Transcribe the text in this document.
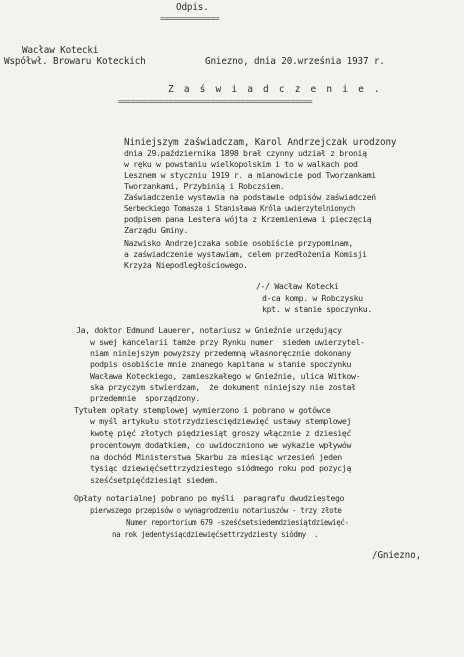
Odpis.
==============
Wacław Kotecki
Współwł. Browaru Koteckich	Gniezno, dnia 20.września 1937 r.
Z a ś w i a d c z e n i e .
==============================================
Niniejszym zaświadczam, Karol Andrzejczak urodzony
dnia 29.października 1898 brał czynny udział z bronią
w ręku w powstaniu wielkopolskim i to w walkach pod
Lesznem w styczniu 1919 r. a mianowicie pod Tworzankami
Tworzankami, Przybinią i Robczsiem.
Zaświadczenie wystawia na podstawie odpisów zaświadczeń
Serbeckiego Tomasza i Stanisława Króla uwierzytelnionych
podpisem pana Lestera wójta z Krzemieniewa i pieczęcią
Zarządu Gminy.
Nazwisko Andrzejczaka sobie osobiście przypominam,
a zaświadczenie wystawiam, celem przedłożenia Komisji
Krzyża Niepodległościowego.
/-/ Wacław Kotecki
d-ca komp. w Robczysku
kpt. w stanie spoczynku.
Ja, doktor Edmund Lauerer, notariusz w Gnieźnie urzędujący
w swej kancelarii tamże przy Rynku numer  siedem uwierzytel-
niam niniejszym powyższy przedemną własnoręcznie dokonany
podpis osobiście mnie znanego kapitana w stanie spoczynku
Wacława Koteckiego, zamieszkałego w Gnieźnie, ulica Witkow-
ska przyczym stwierdzam,  że dokument niniejszy nie został
przedemnie  sporządzony.
Tytułem opłaty stemplowej wymierzono i pobrano w gotówce
w myśl artykułu stotrzydziesciędziewięć ustawy stemplowej
kwotę pięć złotych piędziesiąt groszy włącznie z dziesięć
procentowym dodatkiem, co uwidoczniono we wykazie wpływów
na dochód Ministerstwa Skarbu za miesiąc wrzesień jeden
tysiąc dziewięćsettrzydziestego siódmego roku pod pozycją
sześćsetpięćdziesiąt siedem.
Opłaty notarialnej pobrano po myśli  paragrafu dwudziestego
pierwszego przepisów o wynagrodzeniu notariuszów - trzy złote
Numer reportorium 679 -sześćsetsiedemdziesiątdziewięć-
na rok jedentysiącdziewięćsettrzydziesty siódmy  .
/Gniezno,
